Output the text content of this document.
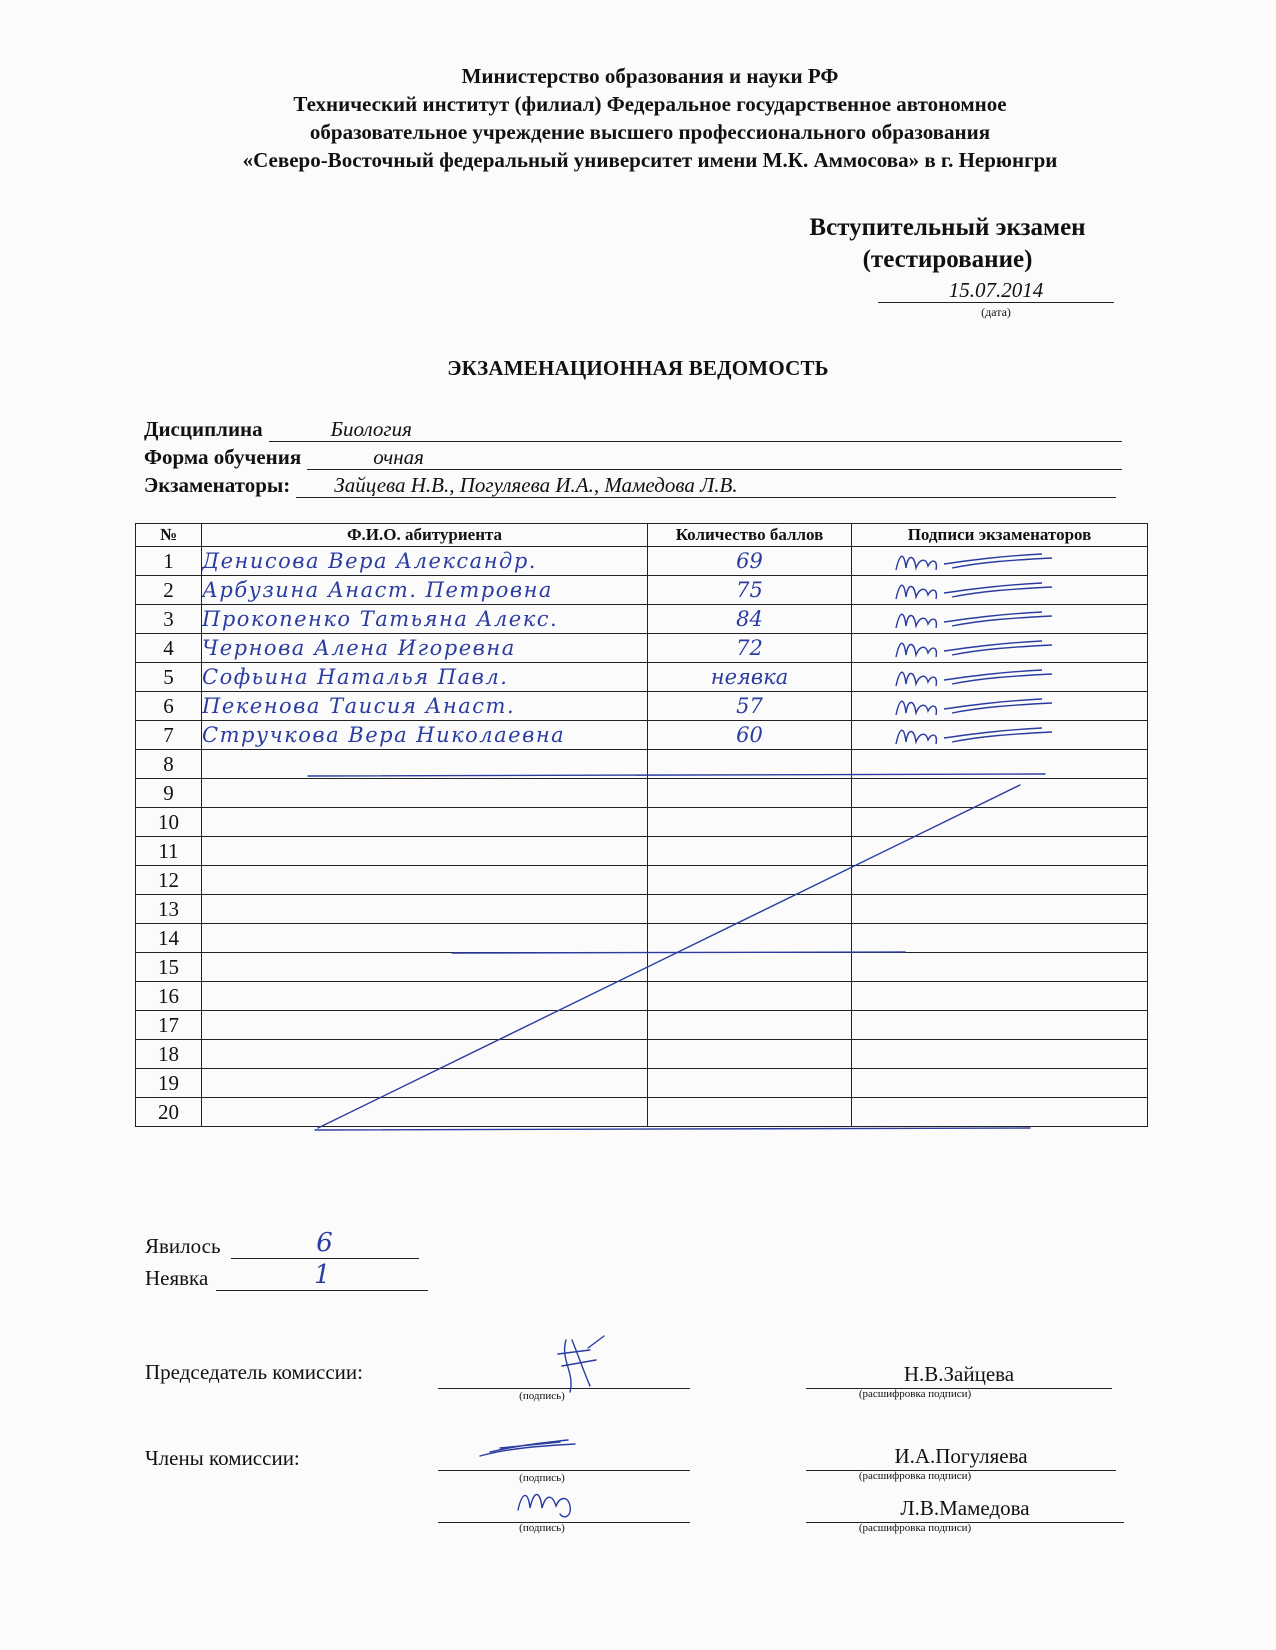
Министерство образования и науки РФ
Технический институт (филиал) Федеральное государственное автономное
образовательное учреждение высшего профессионального образования
«Северо-Восточный федеральный университет имени М.К. Аммосова» в г. Нерюнгри
Вступительный экзамен
(тестирование)
15.07.2014
(дата)
ЭКЗАМЕНАЦИОННАЯ ВЕДОМОСТЬ
Дисциплина	Биология
Форма обучения	очная
Экзаменаторы:	Зайцева Н.В., Погуляева И.А., Мамедова Л.В.
№	Ф.И.О. абитуриента	Количество баллов	Подписи экзаменаторов
1	Денисова Вера Александр.	69	

2	Арбузина Анаст. Петровна	75	

3	Прокопенко Татьяна Алекс.	84	

4	Чернова Алена Игоревна	72	

5	Софьина Наталья Павл.	неявка	

6	Пекенова Таисия Анаст.	57	

7	Стручкова Вера Николаевна	60	

8			
9			
10			
11			
12			
13			
14			
15			
16			
17			
18			
19			
20			
Явилось	6
Неявка	1
Председатель комиссии:
Члены комиссии:
(подпись)
Н.В.Зайцева
(расшифровка подписи)
(подпись)
И.А.Погуляева
(расшифровка подписи)
(подпись)
Л.В.Мамедова
(расшифровка подписи)
